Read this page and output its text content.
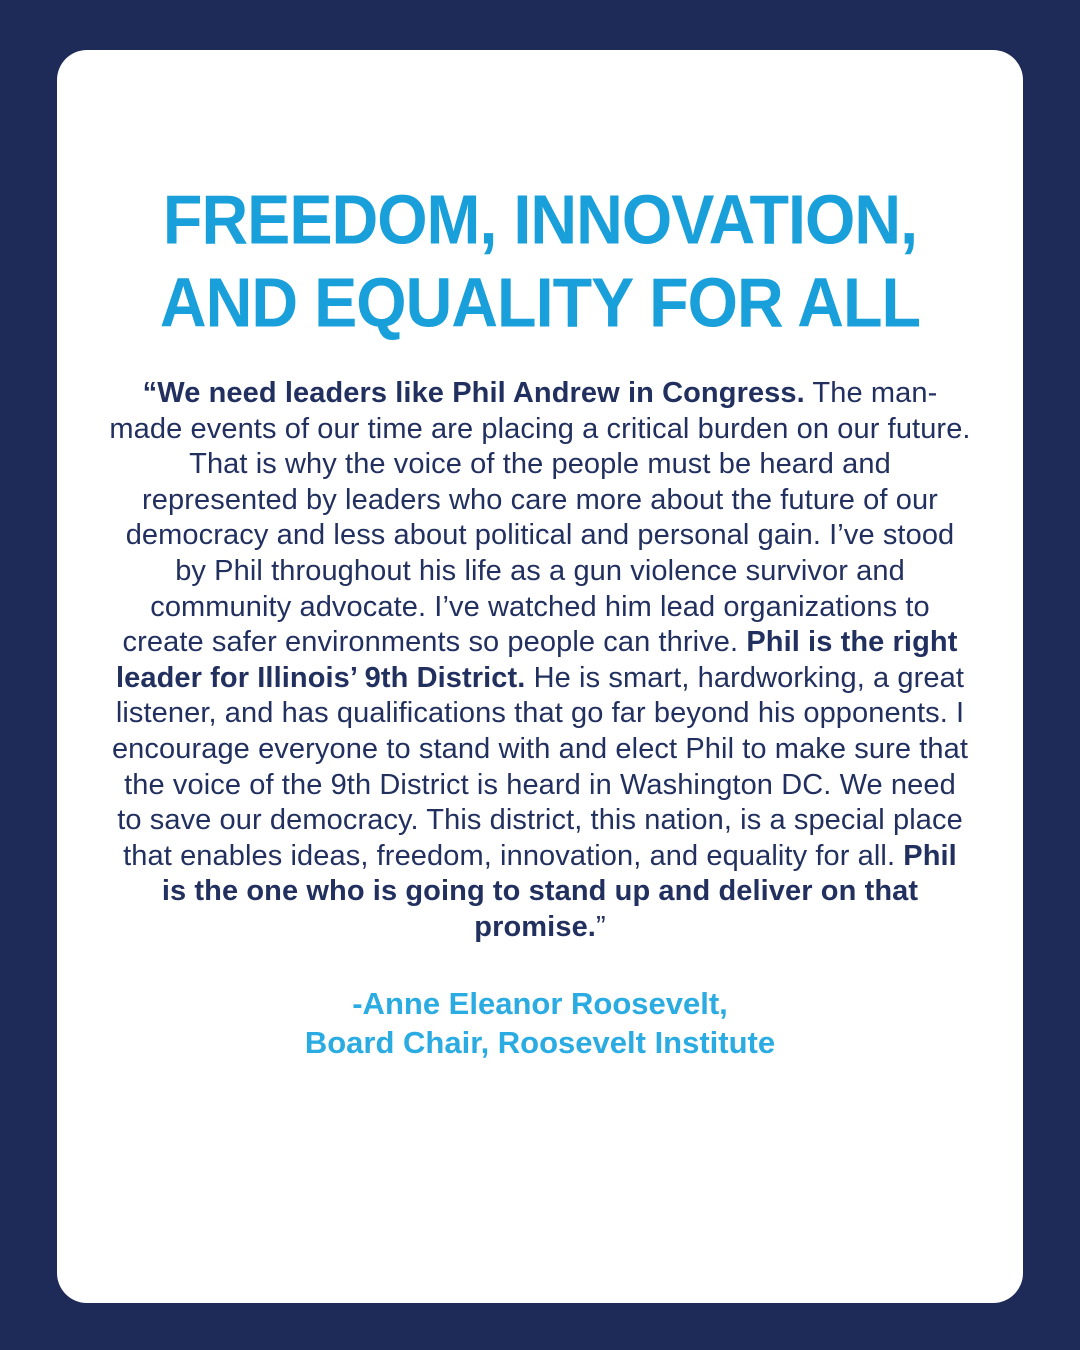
FREEDOM, INNOVATION,
AND EQUALITY FOR ALL

“We need leaders like Phil Andrew in Congress. The man-made events of our time are placing a critical burden on our future. That is why the voice of the people must be heard and represented by leaders who care more about the future of our democracy and less about political and personal gain. I’ve stood by Phil throughout his life as a gun violence survivor and community advocate. I’ve watched him lead organizations to create safer environments so people can thrive. Phil is the right leader for Illinois’ 9th District. He is smart, hardworking, a great listener, and has qualifications that go far beyond his opponents. I encourage everyone to stand with and elect Phil to make sure that the voice of the 9th District is heard in Washington DC. We need to save our democracy. This district, this nation, is a special place that enables ideas, freedom, innovation, and equality for all. Phil is the one who is going to stand up and deliver on that promise.”

-Anne Eleanor Roosevelt,
Board Chair, Roosevelt Institute
